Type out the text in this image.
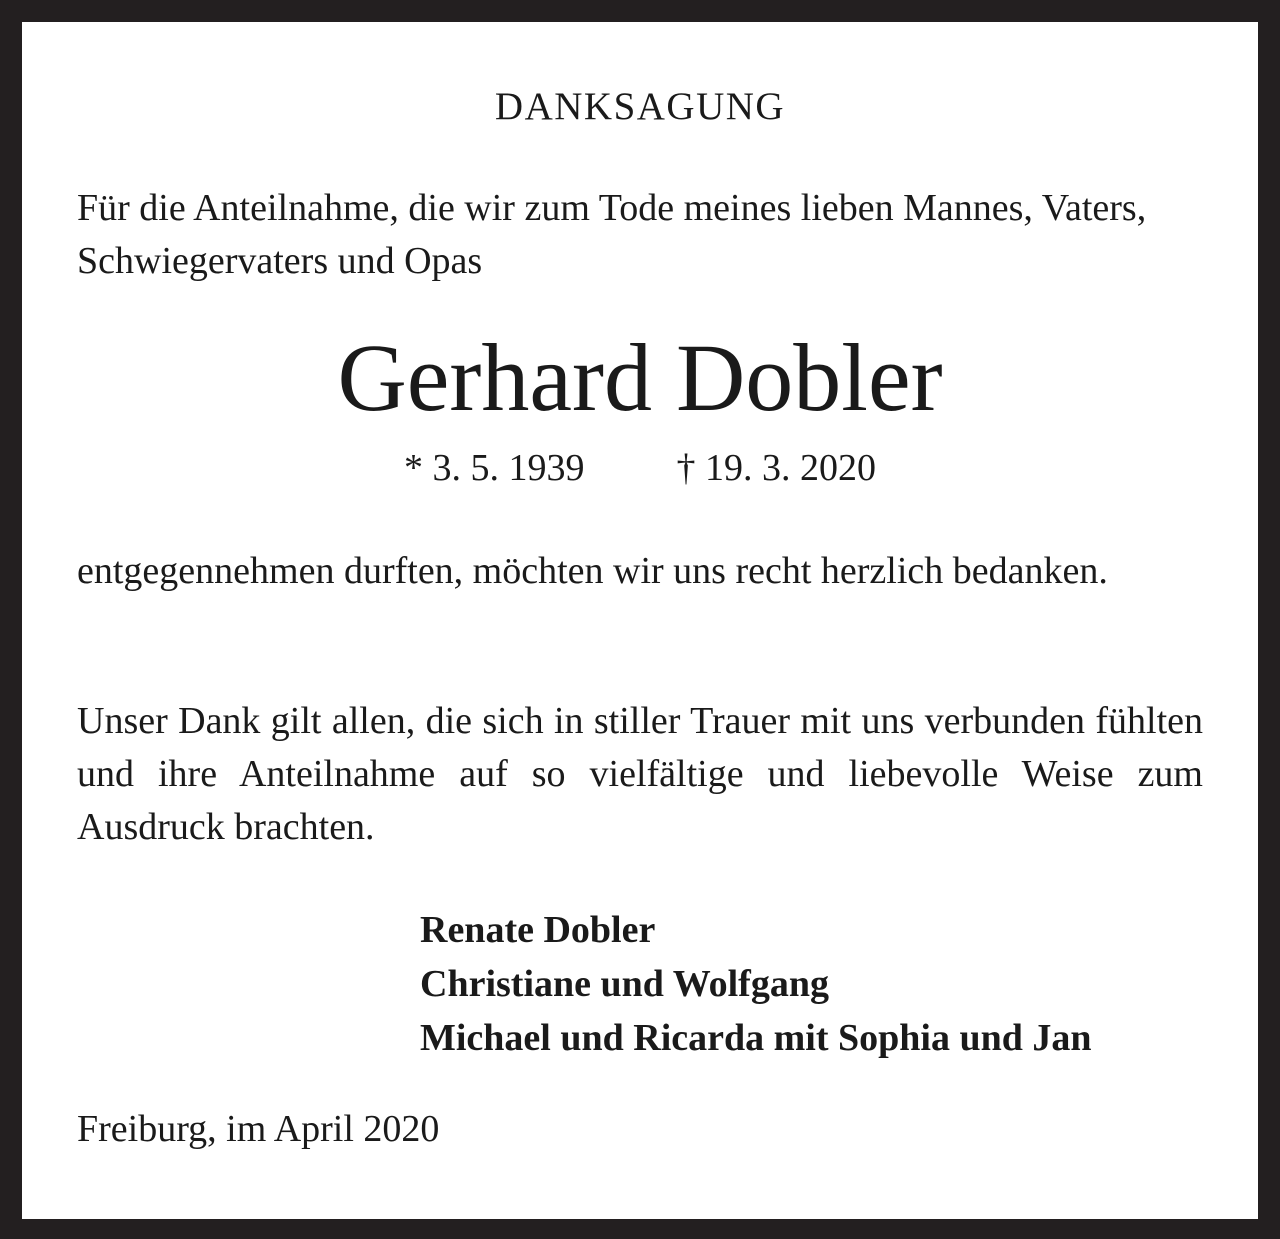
DANKSAGUNG
Für die Anteilnahme, die wir zum Tode meines lieben Mannes, Vaters, Schwiegervaters und Opas
Gerhard Dobler
* 3. 5. 1939 † 19. 3. 2020
entgegennehmen durften, möchten wir uns recht herzlich bedanken.
Unser Dank gilt allen, die sich in stiller Trauer mit uns verbunden fühlten und ihre Anteilnahme auf so vielfältige und liebevolle Weise zum Ausdruck brachten.
Renate Dobler
Christiane und Wolfgang
Michael und Ricarda mit Sophia und Jan
Freiburg, im April 2020
